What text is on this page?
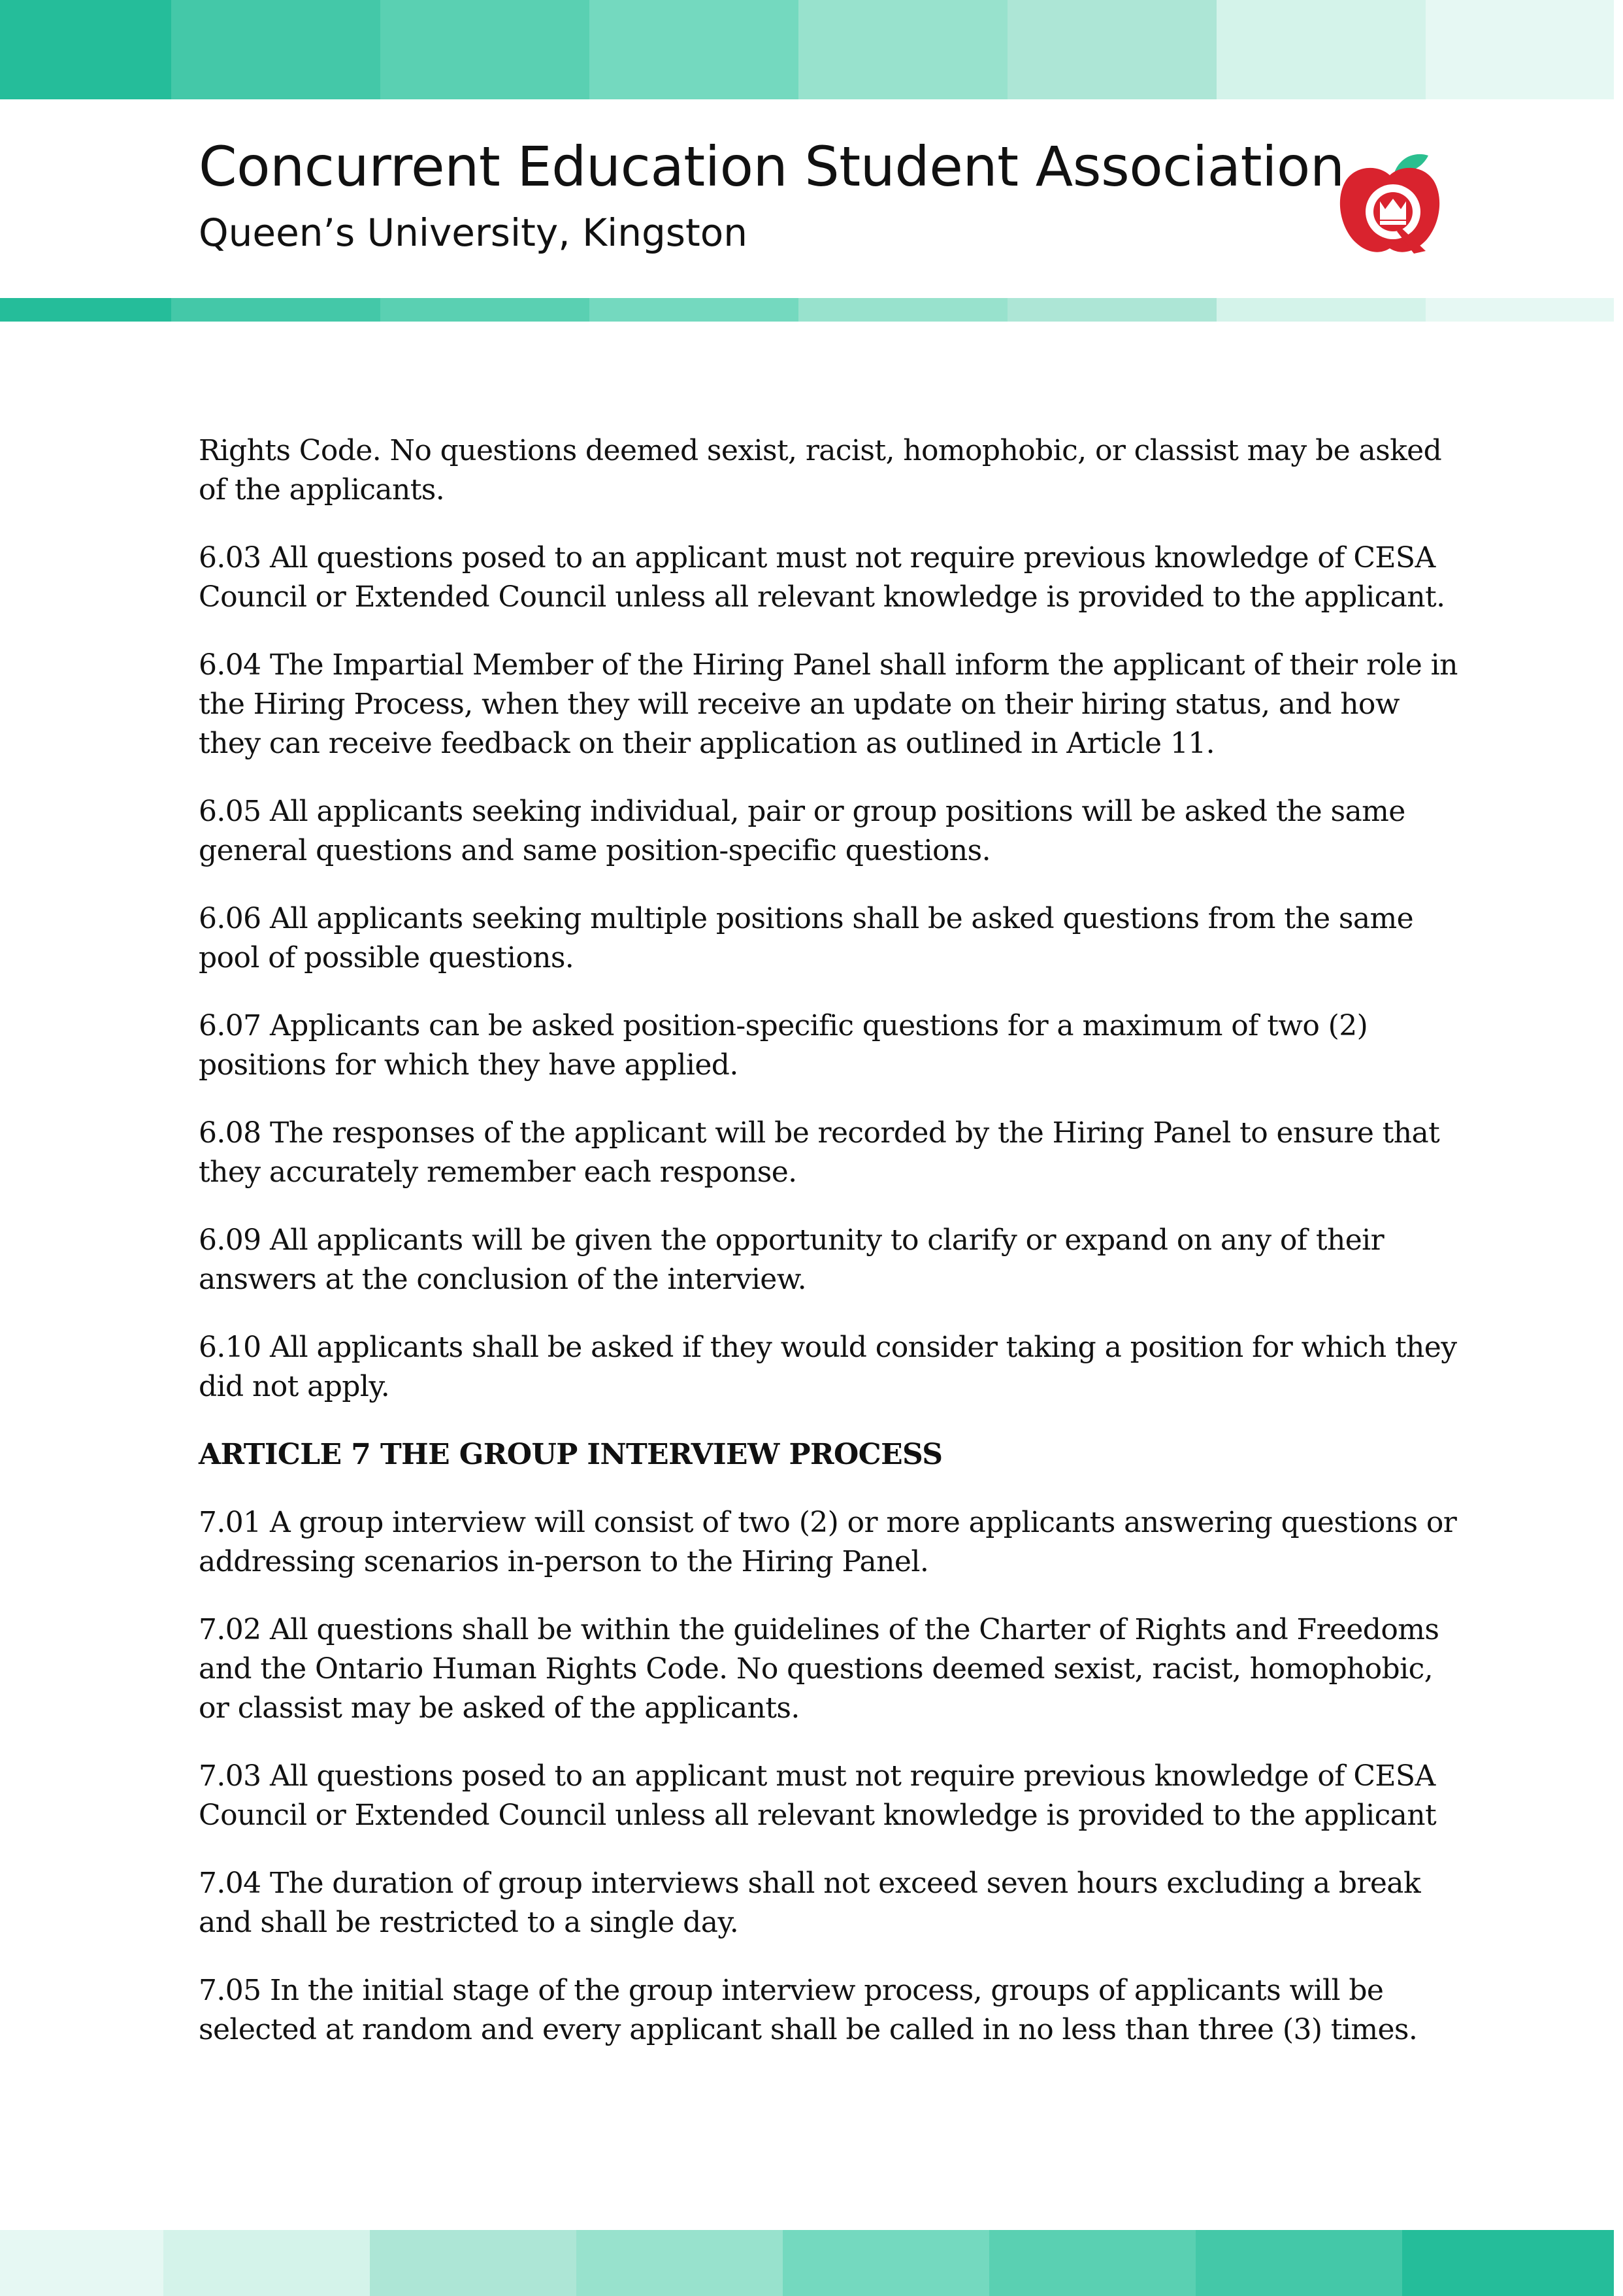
Concurrent Education Student Association
Queen’s University, Kingston

Rights Code. No questions deemed sexist, racist, homophobic, or classist may be asked of the applicants.

6.03 All questions posed to an applicant must not require previous knowledge of CESA Council or Extended Council unless all relevant knowledge is provided to the applicant.

6.04 The Impartial Member of the Hiring Panel shall inform the applicant of their role in the Hiring Process, when they will receive an update on their hiring status, and how they can receive feedback on their application as outlined in Article 11.

6.05 All applicants seeking individual, pair or group positions will be asked the same general questions and same position-specific questions.

6.06 All applicants seeking multiple positions shall be asked questions from the same pool of possible questions.

6.07 Applicants can be asked position-specific questions for a maximum of two (2) positions for which they have applied.

6.08 The responses of the applicant will be recorded by the Hiring Panel to ensure that they accurately remember each response.

6.09 All applicants will be given the opportunity to clarify or expand on any of their answers at the conclusion of the interview.

6.10 All applicants shall be asked if they would consider taking a position for which they did not apply.

ARTICLE 7 THE GROUP INTERVIEW PROCESS

7.01 A group interview will consist of two (2) or more applicants answering questions or addressing scenarios in-person to the Hiring Panel.

7.02 All questions shall be within the guidelines of the Charter of Rights and Freedoms and the Ontario Human Rights Code. No questions deemed sexist, racist, homophobic, or classist may be asked of the applicants.

7.03 All questions posed to an applicant must not require previous knowledge of CESA Council or Extended Council unless all relevant knowledge is provided to the applicant

7.04 The duration of group interviews shall not exceed seven hours excluding a break and shall be restricted to a single day.

7.05 In the initial stage of the group interview process, groups of applicants will be selected at random and every applicant shall be called in no less than three (3) times.
